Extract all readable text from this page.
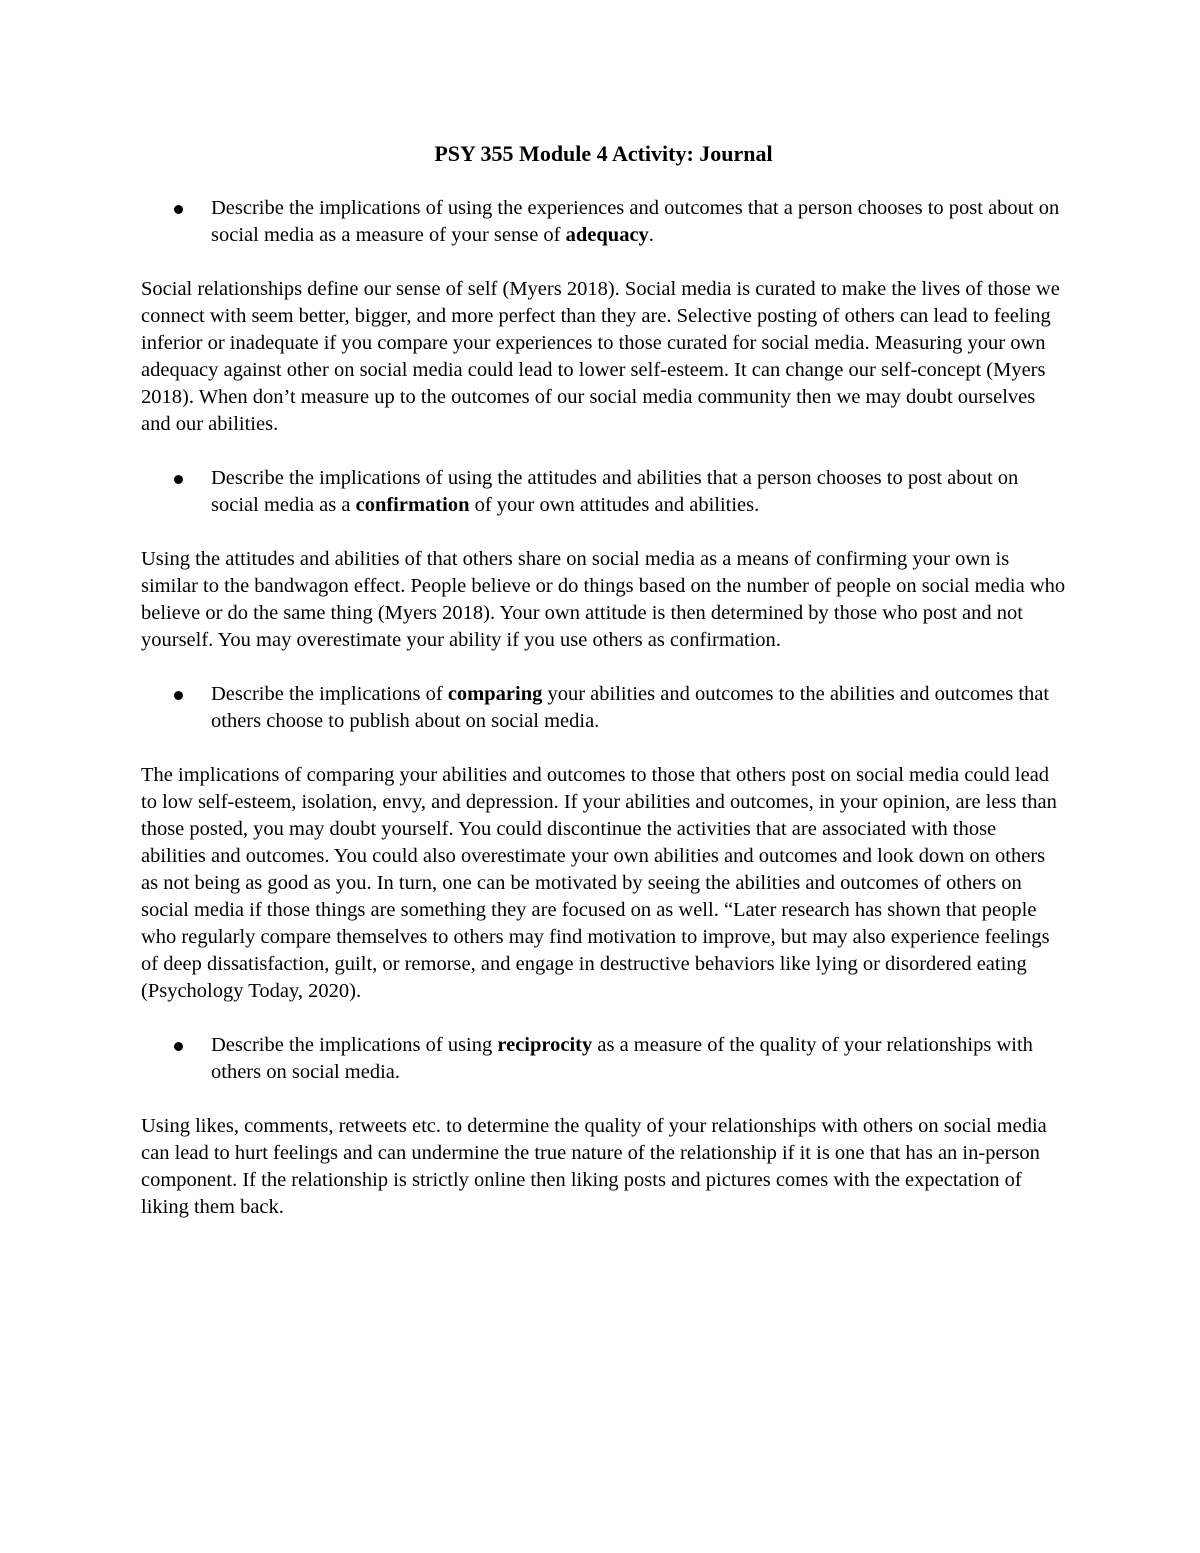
PSY 355 Module 4 Activity: Journal
Describe the implications of using the experiences and outcomes that a person chooses to post about on social media as a measure of your sense of adequacy.

Social relationships define our sense of self (Myers 2018). Social media is curated to make the lives of those we connect with seem better, bigger, and more perfect than they are. Selective posting of others can lead to feeling inferior or inadequate if you compare your experiences to those curated for social media. Measuring your own adequacy against other on social media could lead to lower self-esteem. It can change our self-concept (Myers 2018). When don’t measure up to the outcomes of our social media community then we may doubt ourselves and our abilities.

Describe the implications of using the attitudes and abilities that a person chooses to post about on social media as a confirmation of your own attitudes and abilities.

Using the attitudes and abilities of that others share on social media as a means of confirming your own is similar to the bandwagon effect. People believe or do things based on the number of people on social media who believe or do the same thing (Myers 2018). Your own attitude is then determined by those who post and not yourself. You may overestimate your ability if you use others as confirmation.

Describe the implications of comparing your abilities and outcomes to the abilities and outcomes that others choose to publish about on social media.

The implications of comparing your abilities and outcomes to those that others post on social media could lead to low self-esteem, isolation, envy, and depression. If your abilities and outcomes, in your opinion, are less than those posted, you may doubt yourself. You could discontinue the activities that are associated with those abilities and outcomes. You could also overestimate your own abilities and outcomes and look down on others as not being as good as you. In turn, one can be motivated by seeing the abilities and outcomes of others on social media if those things are something they are focused on as well. “Later research has shown that people who regularly compare themselves to others may find motivation to improve, but may also experience feelings of deep dissatisfaction, guilt, or remorse, and engage in destructive behaviors like lying or disordered eating (Psychology Today, 2020).

Describe the implications of using reciprocity as a measure of the quality of your relationships with others on social media.

Using likes, comments, retweets etc. to determine the quality of your relationships with others on social media can lead to hurt feelings and can undermine the true nature of the relationship if it is one that has an in-person component. If the relationship is strictly online then liking posts and pictures comes with the expectation of liking them back.
